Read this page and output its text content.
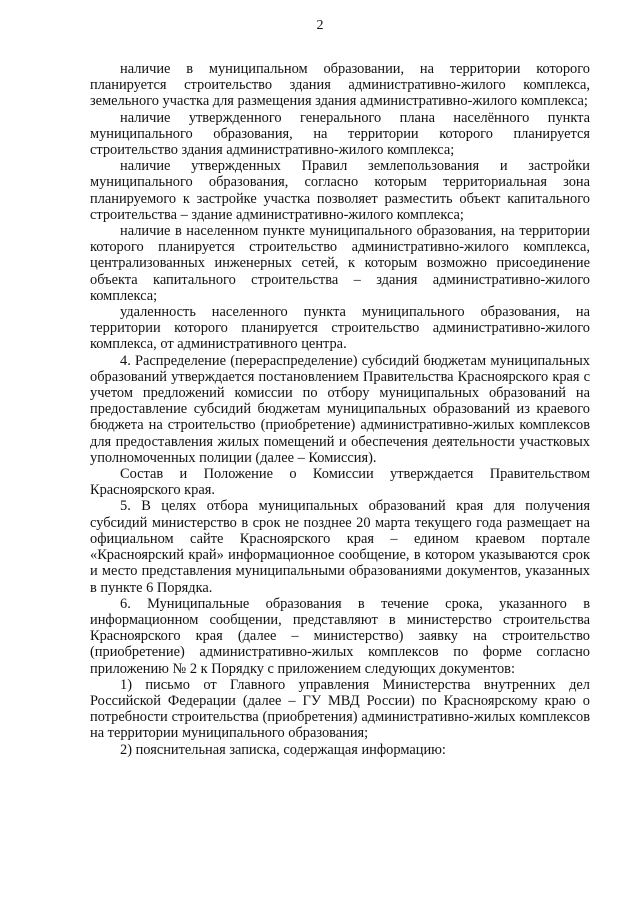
2

наличие в муниципальном образовании, на территории которого планируется строительство здания административно-жилого комплекса, земельного участка для размещения здания административно-жилого комплекса;

наличие утвержденного генерального плана населённого пункта муниципального образования, на территории которого планируется строительство здания административно-жилого комплекса;

наличие утвержденных Правил землепользования и застройки муниципального образования, согласно которым территориальная зона планируемого к застройке участка позволяет разместить объект капитального строительства – здание административно-жилого комплекса;

наличие в населенном пункте муниципального образования, на территории которого планируется строительство административно-жилого комплекса, централизованных инженерных сетей, к которым возможно присоединение объекта капитального строительства – здания административно-жилого комплекса;

удаленность населенного пункта муниципального образования, на территории которого планируется строительство административно-жилого комплекса, от административного центра.

4. Распределение (перераспределение) субсидий бюджетам муниципальных образований утверждается постановлением Правительства Красноярского края с учетом предложений комиссии по отбору муниципальных образований на предоставление субсидий бюджетам муниципальных образований из краевого бюджета на строительство (приобретение) административно-жилых комплексов для предоставления жилых помещений и обеспечения деятельности участковых уполномоченных полиции (далее – Комиссия).

Состав и Положение о Комиссии утверждается Правительством Красноярского края.

5. В целях отбора муниципальных образований края для получения субсидий министерство в срок не позднее 20 марта текущего года размещает на официальном сайте Красноярского края – едином краевом портале «Красноярский край» информационное сообщение, в котором указываются срок и место представления муниципальными образованиями документов, указанных в пункте 6 Порядка.

6. Муниципальные образования в течение срока, указанного в информационном сообщении, представляют в министерство строительства Красноярского края (далее – министерство) заявку на строительство (приобретение) административно-жилых комплексов по форме согласно приложению № 2 к Порядку с приложением следующих документов:

1) письмо от Главного управления Министерства внутренних дел Российской Федерации (далее – ГУ МВД России) по Красноярскому краю о потребности строительства (приобретения) административно-жилых комплексов на территории муниципального образования;

2) пояснительная записка, содержащая информацию:
